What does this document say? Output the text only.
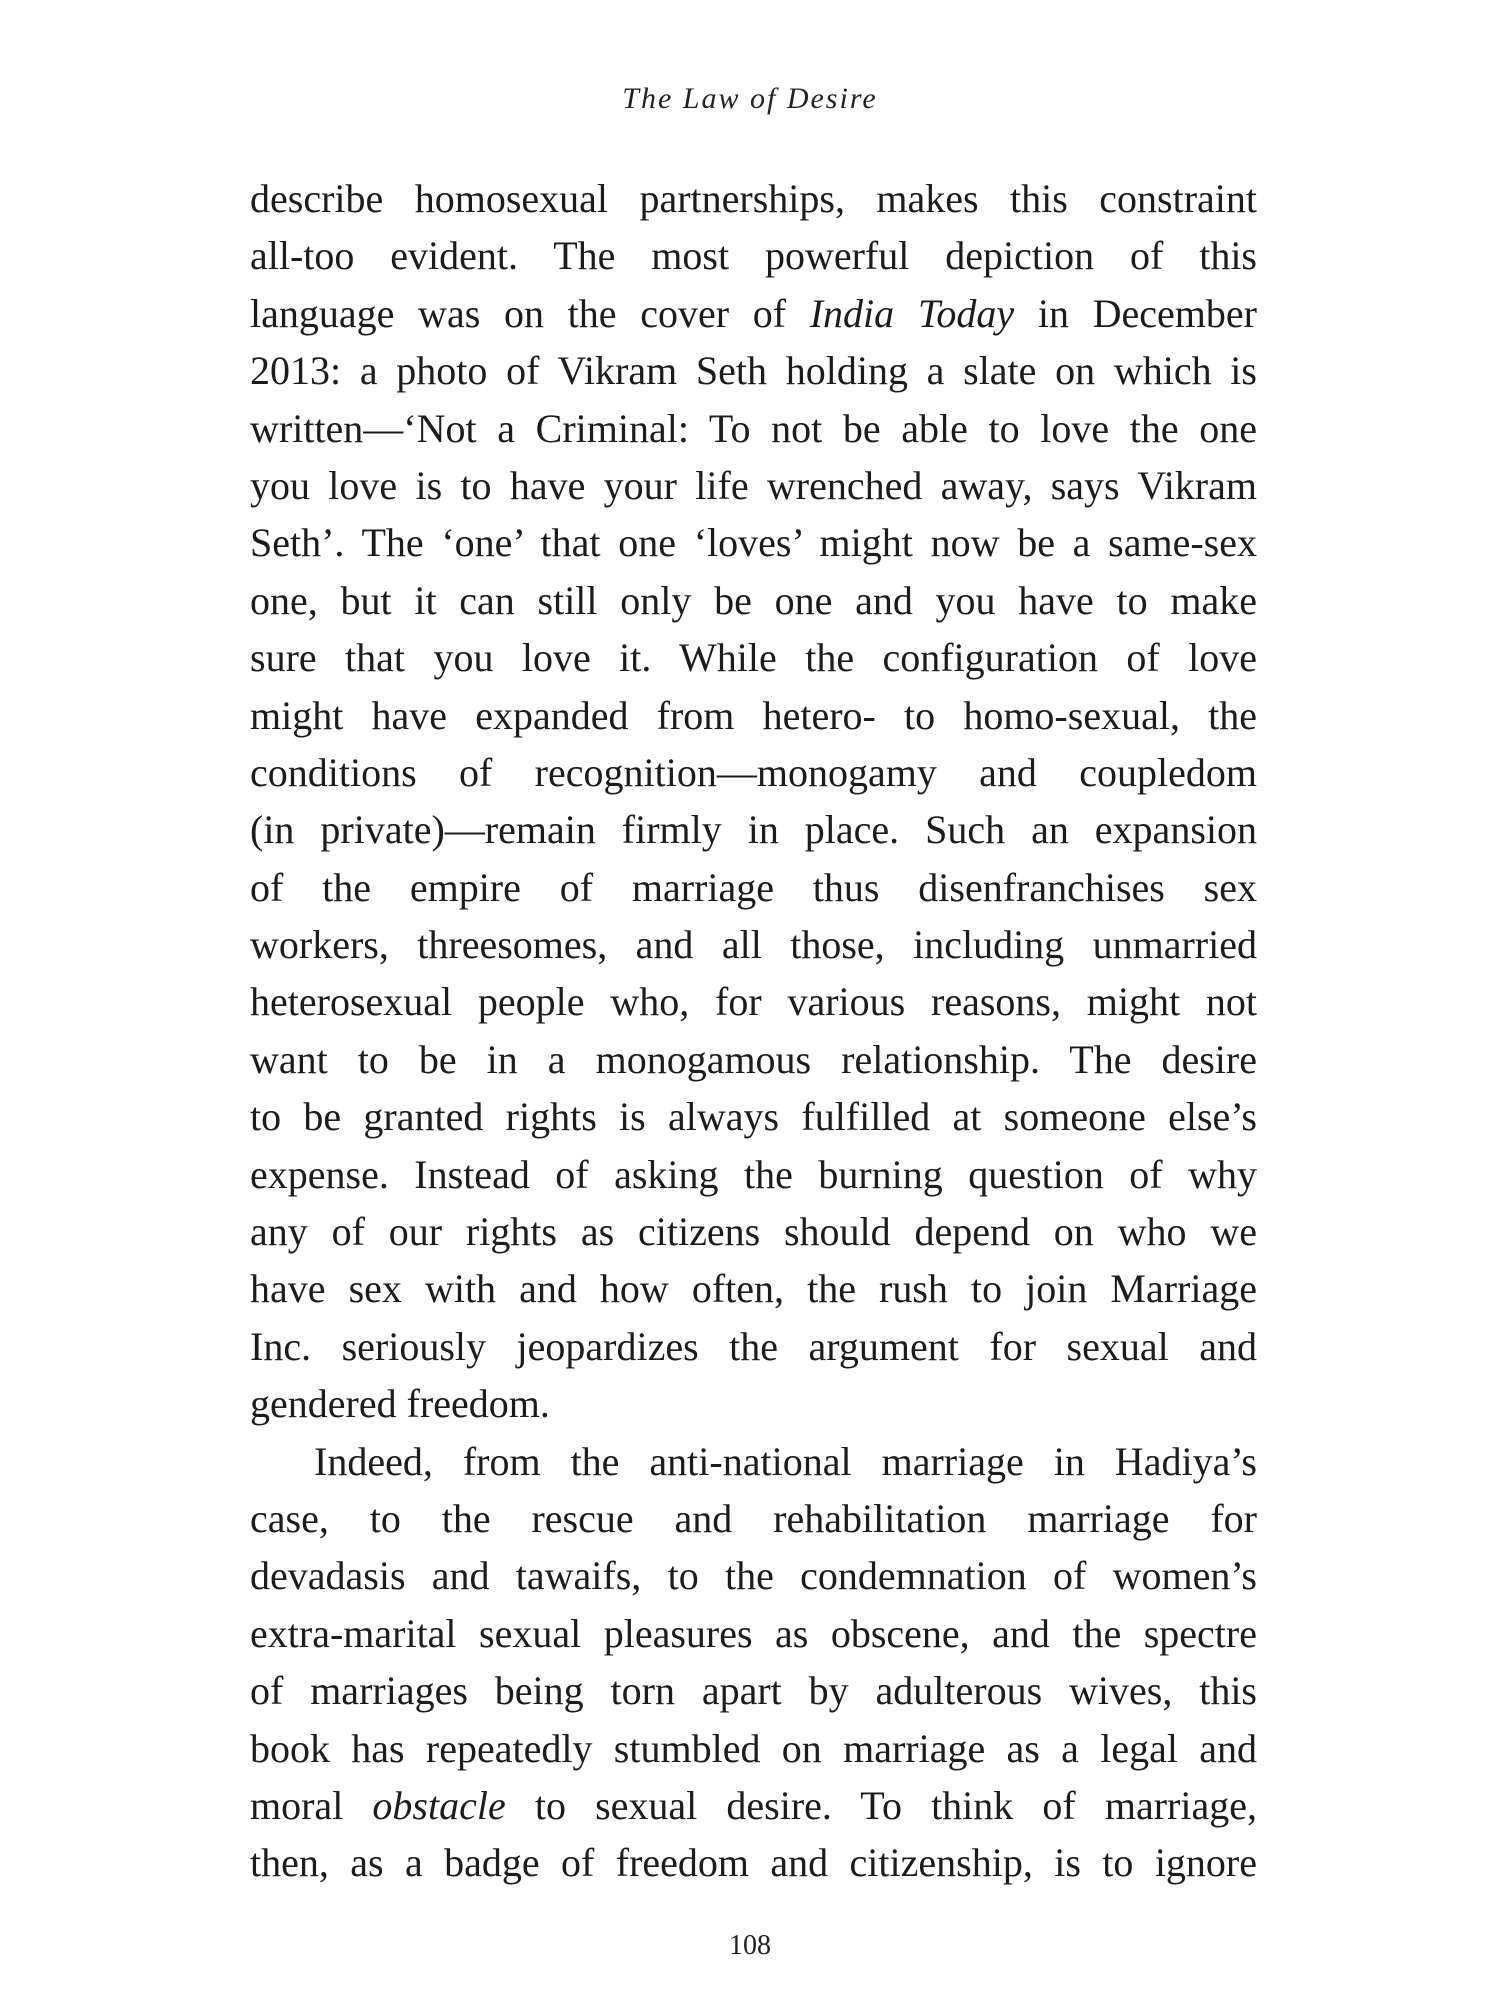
The Law of Desire
describe homosexual partnerships, makes this constraint
all-too evident. The most powerful depiction of this
language was on the cover of India Today in December
2013: a photo of Vikram Seth holding a slate on which is
written—‘Not a Criminal: To not be able to love the one
you love is to have your life wrenched away, says Vikram
Seth’. The ‘one’ that one ‘loves’ might now be a same-sex
one, but it can still only be one and you have to make
sure that you love it. While the configuration of love
might have expanded from hetero- to homo-sexual, the
conditions of recognition—monogamy and coupledom
(in private)—remain firmly in place. Such an expansion
of the empire of marriage thus disenfranchises sex
workers, threesomes, and all those, including unmarried
heterosexual people who, for various reasons, might not
want to be in a monogamous relationship. The desire
to be granted rights is always fulfilled at someone else’s
expense. Instead of asking the burning question of why
any of our rights as citizens should depend on who we
have sex with and how often, the rush to join Marriage
Inc. seriously jeopardizes the argument for sexual and
gendered freedom.
Indeed, from the anti-national marriage in Hadiya’s
case, to the rescue and rehabilitation marriage for
devadasis and tawaifs, to the condemnation of women’s
extra-marital sexual pleasures as obscene, and the spectre
of marriages being torn apart by adulterous wives, this
book has repeatedly stumbled on marriage as a legal and
moral obstacle to sexual desire. To think of marriage,
then, as a badge of freedom and citizenship, is to ignore
108
